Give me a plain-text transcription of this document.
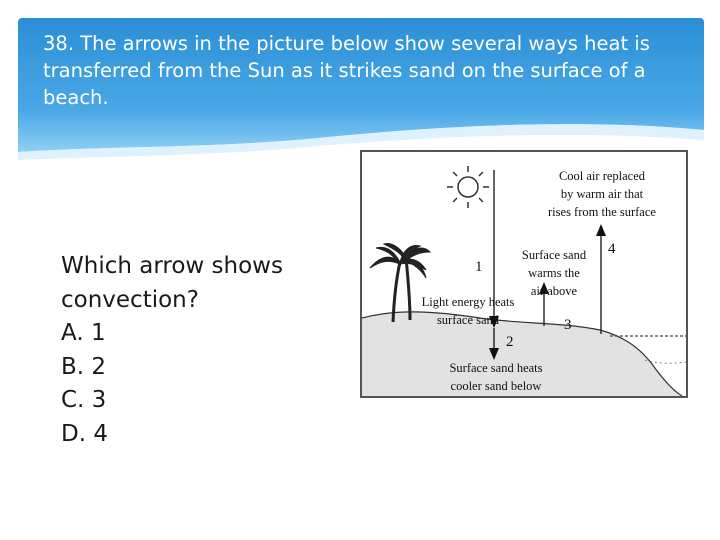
38. The arrows in the picture below show several ways heat is transferred from the Sun as it strikes sand on the surface of a beach.

Which arrow shows
convection?
A. 1
B. 2
C. 3
D. 4
1
2
3
4
Cool air replaced
by warm air that
rises from the surface
Surface sand
warms the
air above
Light energy heats
surface sand
Surface sand heats
cooler sand below
